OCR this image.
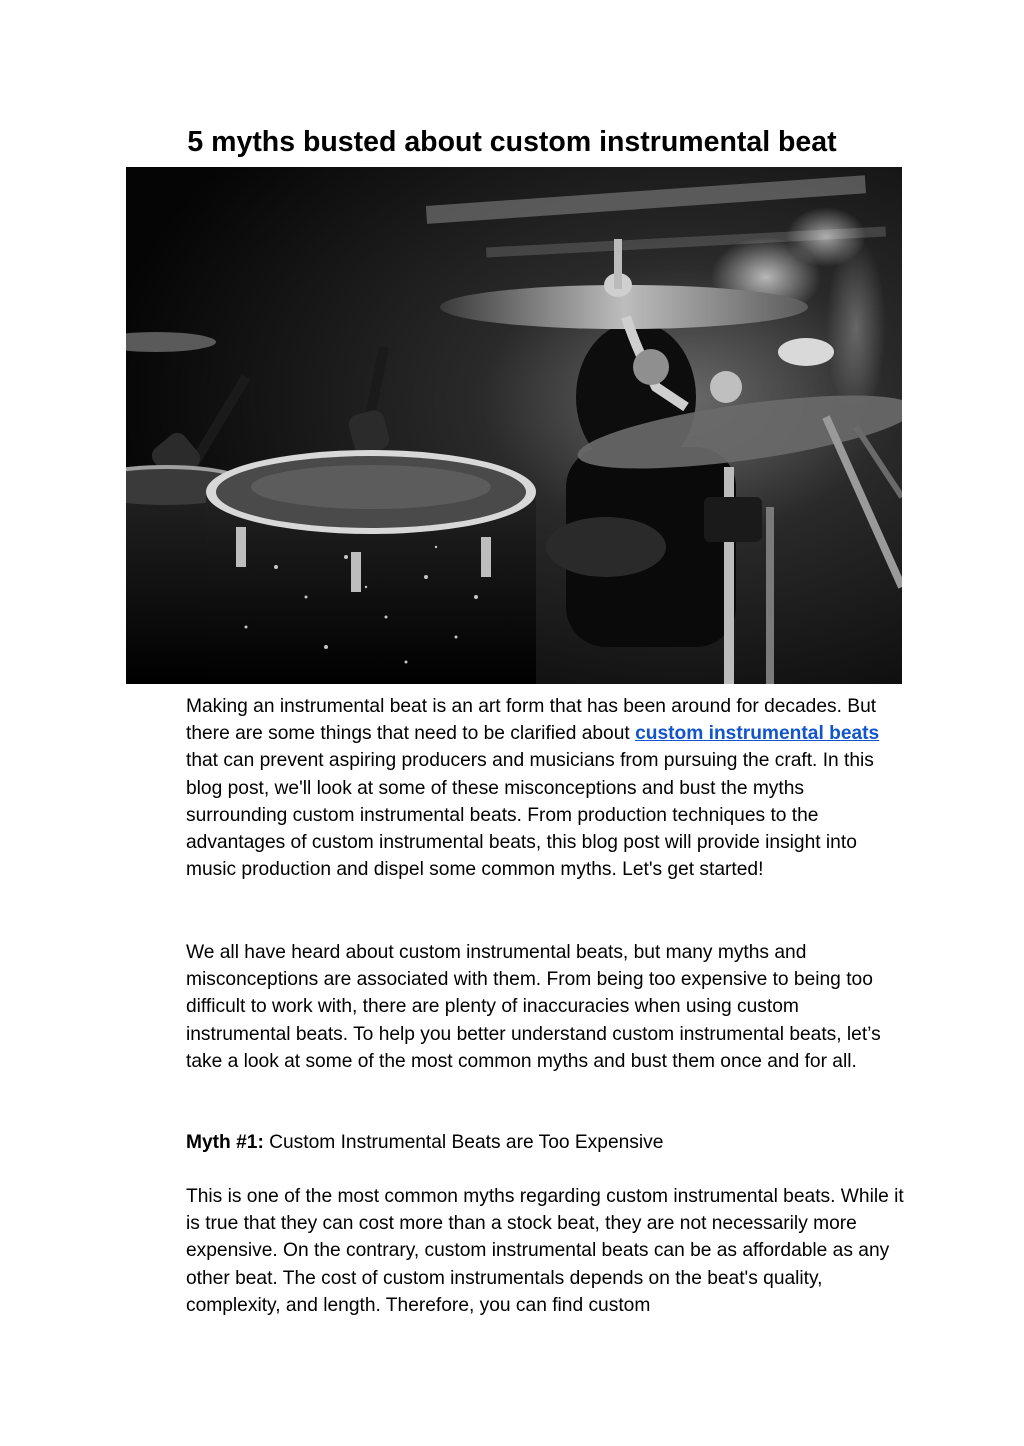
5 myths busted about custom instrumental beat

Making an instrumental beat is an art form that has been around for decades. But there are some things that need to be clarified about custom instrumental beats that can prevent aspiring producers and musicians from pursuing the craft. In this blog post, we'll look at some of these misconceptions and bust the myths surrounding custom instrumental beats. From production techniques to the advantages of custom instrumental beats, this blog post will provide insight into music production and dispel some common myths. Let's get started!

We all have heard about custom instrumental beats, but many myths and misconceptions are associated with them. From being too expensive to being too difficult to work with, there are plenty of inaccuracies when using custom instrumental beats. To help you better understand custom instrumental beats, let’s take a look at some of the most common myths and bust them once and for all.

Myth #1: Custom Instrumental Beats are Too Expensive

This is one of the most common myths regarding custom instrumental beats. While it is true that they can cost more than a stock beat, they are not necessarily more expensive. On the contrary, custom instrumental beats can be as affordable as any other beat. The cost of custom instrumentals depends on the beat's quality, complexity, and length. Therefore, you can find custom
